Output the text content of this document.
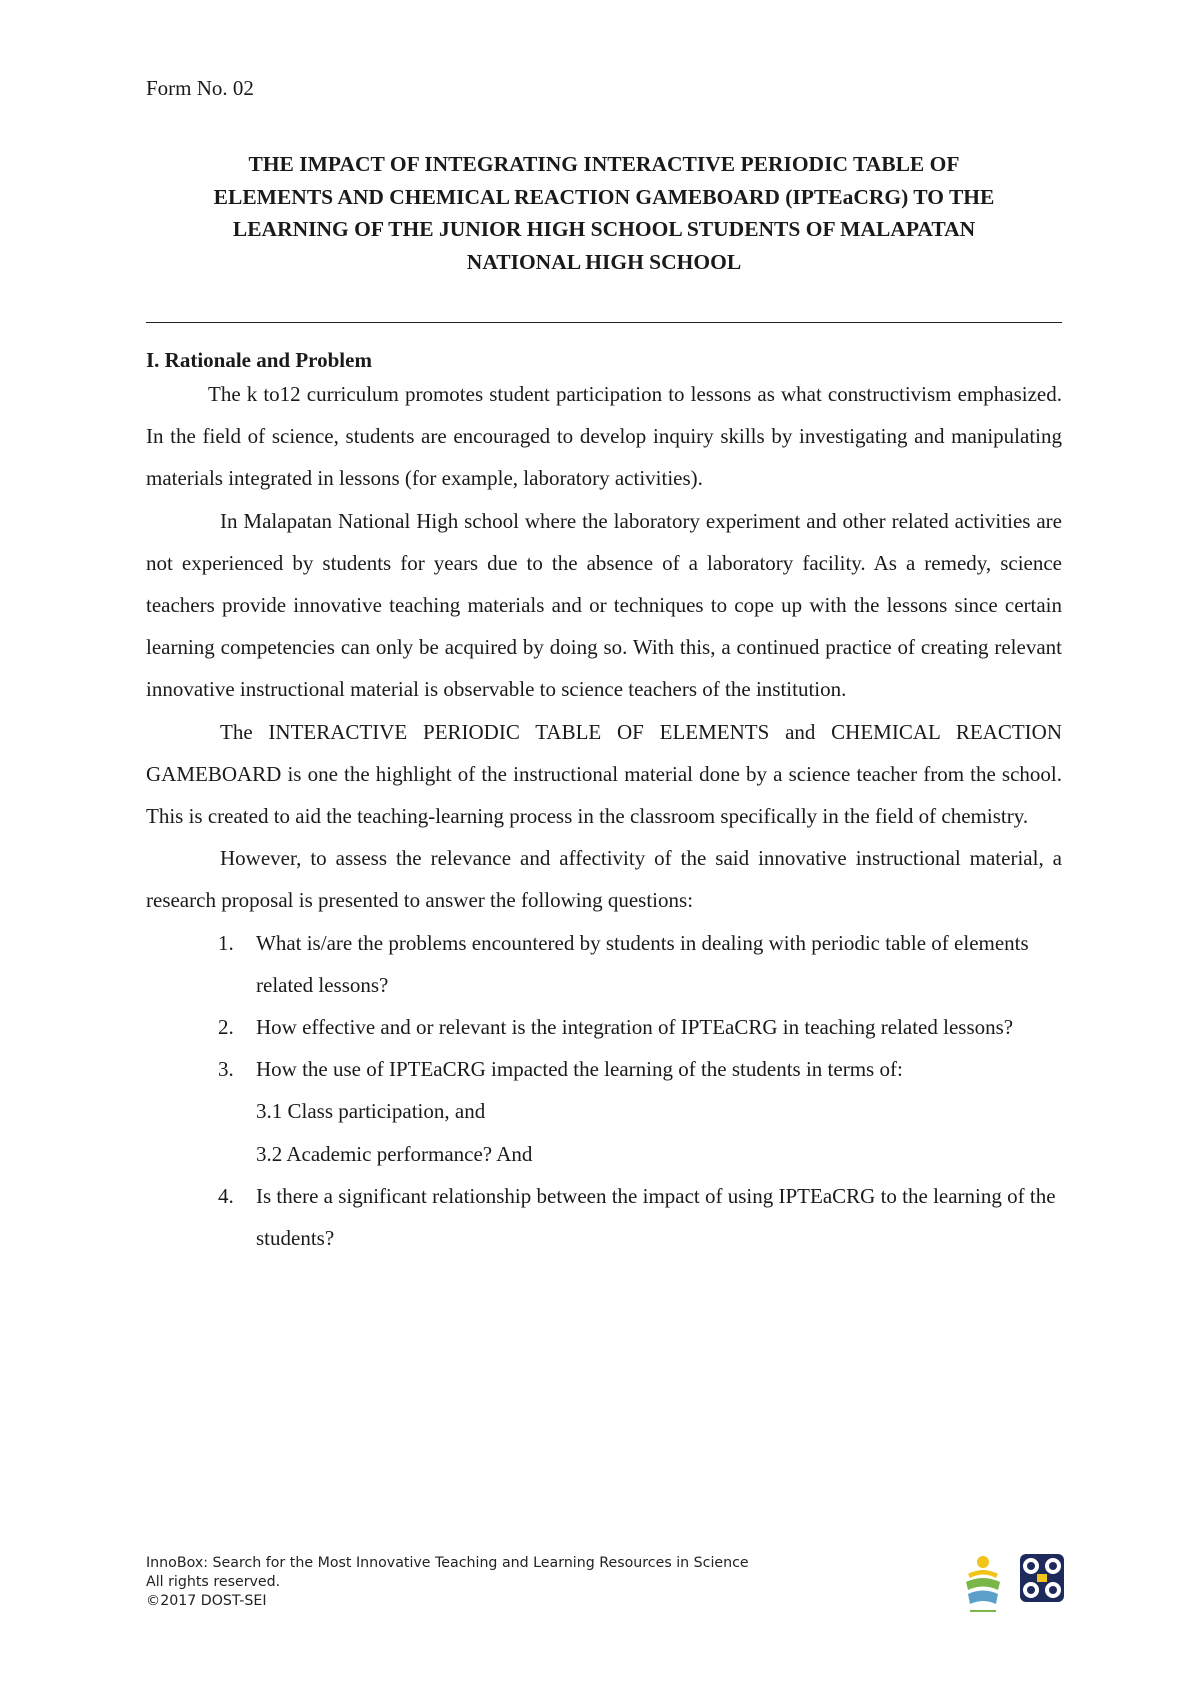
Form No. 02
THE IMPACT OF INTEGRATING INTERACTIVE PERIODIC TABLE OF
ELEMENTS AND CHEMICAL REACTION GAMEBOARD (IPTEaCRG) TO THE
LEARNING OF THE JUNIOR HIGH SCHOOL STUDENTS OF MALAPATAN
NATIONAL HIGH SCHOOL
I. Rationale and Problem

The k to12 curriculum promotes student participation to lessons as what constructivism emphasized. In the field of science, students are encouraged to develop inquiry skills by investigating and manipulating materials integrated in lessons (for example, laboratory activities).

In Malapatan National High school where the laboratory experiment and other related activities are not experienced by students for years due to the absence of a laboratory facility. As a remedy, science teachers provide innovative teaching materials and or techniques to cope up with the lessons since certain learning competencies can only be acquired by doing so. With this, a continued practice of creating relevant innovative instructional material is observable to science teachers of the institution.

The INTERACTIVE PERIODIC TABLE OF ELEMENTS and CHEMICAL REACTION GAMEBOARD is one the highlight of the instructional material done by a science teacher from the school. This is created to aid the teaching-learning process in the classroom specifically in the field of chemistry.

However, to assess the relevance and affectivity of the said innovative instructional material, a research proposal is presented to answer the following questions:

1. What is/are the problems encountered by students in dealing with periodic table of elements related lessons?
2. How effective and or relevant is the integration of IPTEaCRG in teaching related lessons?
3. How the use of IPTEaCRG impacted the learning of the students in terms of:
3.1 Class participation, and
3.2 Academic performance? And
4. Is there a significant relationship between the impact of using IPTEaCRG to the learning of the students?
InnoBox: Search for the Most Innovative Teaching and Learning Resources in Science
All rights reserved.
©2017 DOST-SEI
